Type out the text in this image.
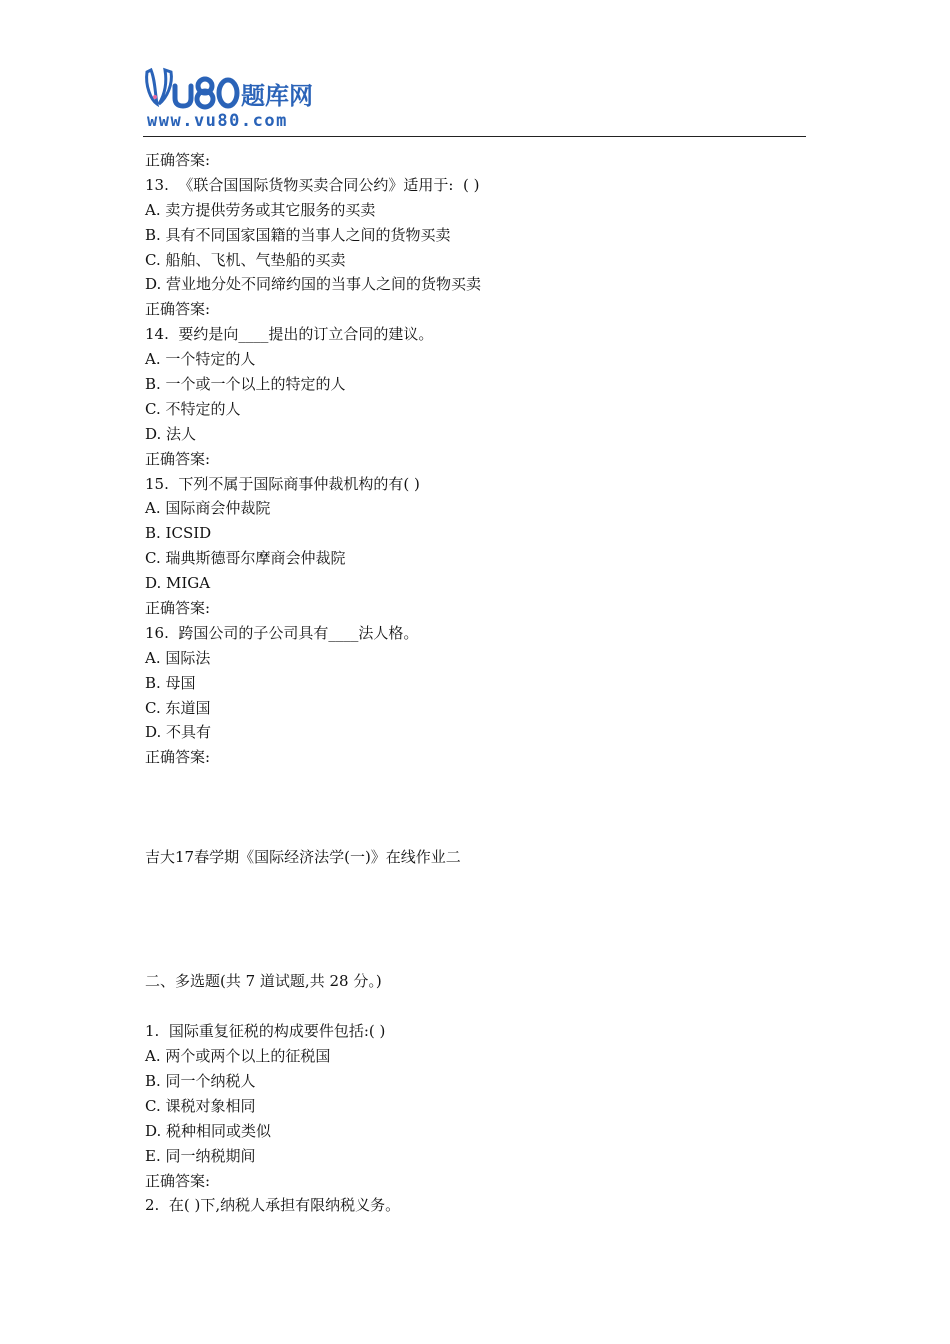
题库网
www.vu80.com
正确答案:
13.  《联合国国际货物买卖合同公约》适用于:  ( )
A. 卖方提供劳务或其它服务的买卖
B. 具有不同国家国籍的当事人之间的货物买卖
C. 船舶、飞机、气垫船的买卖
D. 营业地分处不同缔约国的当事人之间的货物买卖
正确答案:
14.  要约是向____提出的订立合同的建议。
A. 一个特定的人
B. 一个或一个以上的特定的人
C. 不特定的人
D. 法人
正确答案:
15.  下列不属于国际商事仲裁机构的有( )
A. 国际商会仲裁院
B. ICSID
C. 瑞典斯德哥尔摩商会仲裁院
D. MIGA
正确答案:
16.  跨国公司的子公司具有____法人格。
A. 国际法
B. 母国
C. 东道国
D. 不具有
正确答案:
吉大17春学期《国际经济法学(一)》在线作业二
二、多选题(共 7 道试题,共 28 分。)
1.  国际重复征税的构成要件包括:( )
A. 两个或两个以上的征税国
B. 同一个纳税人
C. 课税对象相同
D. 税种相同或类似
E. 同一纳税期间
正确答案:
2.  在( )下,纳税人承担有限纳税义务。
